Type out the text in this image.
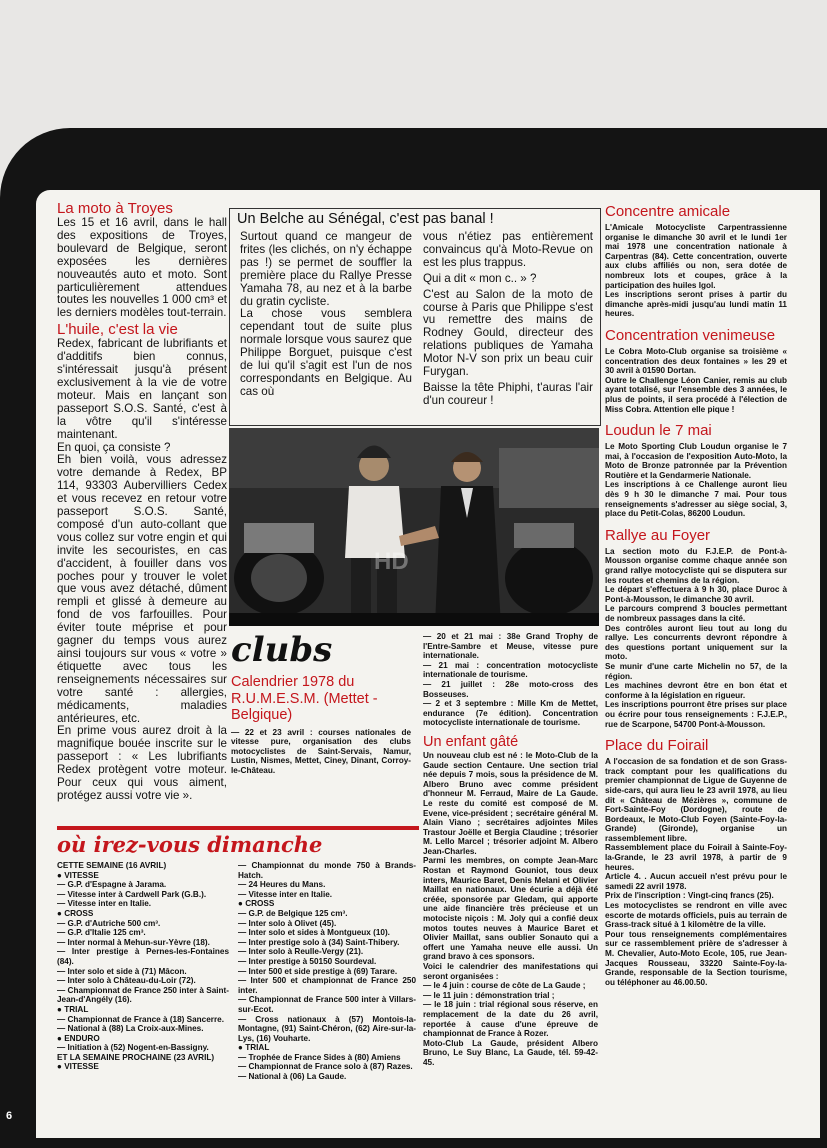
La moto à Troyes

Les 15 et 16 avril, dans le hall des expositions de Troyes, boulevard de Belgique, seront exposées les dernières nouveautés auto et moto. Sont particulièrement attendues toutes les nouvelles 1 000 cm³ et les derniers modèles tout-terrain.

L'huile, c'est la vie

Redex, fabricant de lubrifiants et d'additifs bien connus, s'intéressait jusqu'à présent exclusivement à la vie de votre moteur. Mais en lançant son passeport S.O.S. Santé, c'est à la vôtre qu'il s'intéresse maintenant.

En quoi, ça consiste ?

Eh bien voilà, vous adressez votre demande à Redex, BP 114, 93303 Aubervilliers Cedex et vous recevez en retour votre passeport S.O.S. Santé, composé d'un auto-collant que vous collez sur votre engin et qui invite les secouristes, en cas d'accident, à fouiller dans vos poches pour y trouver le volet que vous avez détaché, dûment rempli et glissé à demeure au fond de vos farfouilles. Pour éviter toute méprise et pour gagner du temps vous aurez ainsi toujours sur vous « votre » étiquette avec tous les renseignements nécessaires sur votre santé : allergies, médicaments, maladies antérieures, etc.

En prime vous aurez droit à la magnifique bouée inscrite sur le passeport : « Les lubrifiants Redex protègent votre moteur. Pour ceux qui vous aiment, protégez aussi votre vie ».

Un Belche au Sénégal, c'est pas banal !

Surtout quand ce mangeur de frites (les clichés, on n'y échappe pas !) se permet de souffler la première place du Rallye Presse Yamaha 78, au nez et à la barbe du gratin cycliste.

La chose vous semblera cependant tout de suite plus normale lorsque vous saurez que Philippe Borguet, puisque c'est de lui qu'il s'agit est l'un de nos correspondants en Belgique. Au cas où

vous n'étiez pas entièrement convaincus qu'à Moto-Revue on est les plus trappus.

Qui a dit « mon c.. » ?

C'est au Salon de la moto de course à Paris que Philippe s'est vu remettre des mains de Rodney Gould, directeur des relations publiques de Yamaha Motor N-V son prix un beau cuir Furygan.

Baisse la tête Phiphi, t'auras l'air d'un coureur !

HD
clubs
Calendrier 1978 du R.U.M.E.S.M. (Mettet - Belgique)

— 22 et 23 avril : courses nationales de vitesse pure, organisation des clubs motocyclistes de Saint-Servais, Namur, Lustin, Nismes, Mettet, Ciney, Dinant, Corroy-le-Château.

— 20 et 21 mai : 38e Grand Trophy de l'Entre-Sambre et Meuse, vitesse pure internationale.
— 21 mai : concentration motocycliste internationale de tourisme.
— 21 juillet : 28e moto-cross des Bosseuses.
— 2 et 3 septembre : Mille Km de Mettet, endurance (7e édition). Concentration motocycliste internationale de tourisme.

Un enfant gâté

Un nouveau club est né : le Moto-Club de la Gaude section Centaure. Une section trial née depuis 7 mois, sous la présidence de M. Albero Bruno avec comme président d'honneur M. Ferraud, Maire de La Gaude. Le reste du comité est composé de M. Evene, vice-président ; secrétaire général M. Alain Viano ; secrétaires adjointes Miles Trastour Joëlle et Bergia Claudine ; trésorier M. Lello Marcel ; trésorier adjoint M. Albero Jean-Charles.
Parmi les membres, on compte Jean-Marc Rostan et Raymond Gouniot, tous deux inters, Maurice Baret, Denis Melani et Olivier Maillat en nationaux. Une écurie a déjà été créée, sponsorée par Gledam, qui apporte une aide financière très précieuse et un motociste niçois : M. Joly qui a confié deux motos toutes neuves à Maurice Baret et Olivier Maillat, sans oublier Sonauto qui a offert une Yamaha neuve elle aussi. Un grand bravo à ces sponsors.
Voici le calendrier des manifestations qui seront organisées :
— le 4 juin : course de côte de La Gaude ;
— le 11 juin : démonstration trial ;
— le 18 juin : trial régional sous réserve, en remplacement de la date du 26 avril, reportée à cause d'une épreuve de championnat de France à Rozer.
Moto-Club La Gaude, président Albero Bruno, Le Suy Blanc, La Gaude, tél. 59-42-45.

où irez-vous dimanche

CETTE SEMAINE (16 AVRIL)
● VITESSE
— G.P. d'Espagne à Jarama.
— Vitesse inter à Cardwell Park (G.B.).
— Vitesse inter en Italie.
● CROSS
— G.P. d'Autriche 500 cm³.
— G.P. d'Italie 125 cm³.
— Inter normal à Mehun-sur-Yèvre (18).
— Inter prestige à Pernes-les-Fontaines (84).
— Inter solo et side à (71) Mâcon.
— Inter solo à Château-du-Loir (72).
— Championnat de France 250 inter à Saint-Jean-d'Angély (16).
● TRIAL
— Championnat de France à (18) Sancerre.
— National à (88) La Croix-aux-Mines.
● ENDURO
— Initiation à (52) Nogent-en-Bassigny.
ET LA SEMAINE PROCHAINE (23 AVRIL)
● VITESSE

— Championnat du monde 750 à Brands-Hatch.
— 24 Heures du Mans.
— Vitesse inter en Italie.
● CROSS
— G.P. de Belgique 125 cm³.
— Inter solo à Olivet (45).
— Inter solo et sides à Montgueux (10).
— Inter prestige solo à (34) Saint-Thibery.
— Inter solo à Reulle-Vergy (21).
— Inter prestige à 50150 Sourdeval.
— Inter 500 et side prestige à (69) Tarare.
— Inter 500 et championnat de France 250 inter.
— Championnat de France 500 inter à Villars-sur-Ecot.
— Cross nationaux à (57) Montois-la-Montagne, (91) Saint-Chéron, (62) Aire-sur-la-Lys, (16) Vouharte.
● TRIAL
— Trophée de France Sides à (80) Amiens
— Championnat de France solo à (87) Razes.
— National à (06) La Gaude.

Concentre amicale

L'Amicale Motocycliste Carpentrassienne organise le dimanche 30 avril et le lundi 1er mai 1978 une concentration nationale à Carpentras (84). Cette concentration, ouverte aux clubs affiliés ou non, sera dotée de nombreux lots et coupes, grâce à la participation des huiles Igol.
Les inscriptions seront prises à partir du dimanche après-midi jusqu'au lundi matin 11 heures.

Concentration venimeuse

Le Cobra Moto-Club organise sa troisième « concentration des deux fontaines » les 29 et 30 avril à 01590 Dortan.
Outre le Challenge Léon Canier, remis au club ayant totalisé, sur l'ensemble des 3 années, le plus de points, il sera procédé à l'élection de Miss Cobra. Attention elle pique !

Loudun le 7 mai

Le Moto Sporting Club Loudun organise le 7 mai, à l'occasion de l'exposition Auto-Moto, la Moto de Bronze patronnée par la Prévention Routière et la Gendarmerie Nationale.
Les inscriptions à ce Challenge auront lieu dès 9 h 30 le dimanche 7 mai. Pour tous renseignements s'adresser au siège social, 3, place du Petit-Colas, 86200 Loudun.

Rallye au Foyer

La section moto du F.J.E.P. de Pont-à-Mousson organise comme chaque année son grand rallye motocycliste qui se disputera sur les routes et chemins de la région.
Le départ s'effectuera à 9 h 30, place Duroc à Pont-à-Mousson, le dimanche 30 avril.
Le parcours comprend 3 boucles permettant de nombreux passages dans la cité.
Des contrôles auront lieu tout au long du rallye. Les concurrents devront répondre à des questions portant uniquement sur la moto.
Se munir d'une carte Michelin no 57, de la région.
Les machines devront être en bon état et conforme à la législation en rigueur.
Les inscriptions pourront être prises sur place ou écrire pour tous renseignements : F.J.E.P., rue de Scarpone, 54700 Pont-à-Mousson.

Place du Foirail

A l'occasion de sa fondation et de son Grass-track comptant pour les qualifications du premier championnat de Ligue de Guyenne de side-cars, qui aura lieu le 23 avril 1978, au lieu dit « Château de Mézières », commune de Fort-Sainte-Foy (Dordogne), route de Bordeaux, le Moto-Club Foyen (Sainte-Foy-la-Grande) (Gironde), organise un rassemblement libre.
Rassemblement place du Foirail à Sainte-Foy-la-Grande, le 23 avril 1978, à partir de 9 heures.
Article 4. . Aucun accueil n'est prévu pour le samedi 22 avril 1978.
Prix de l'inscription : Vingt-cinq francs (25).
Les motocyclistes se rendront en ville avec escorte de motards officiels, puis au terrain de Grass-track situé à 1 kilomètre de la ville.
Pour tous renseignements complémentaires sur ce rassemblement prière de s'adresser à M. Chevalier, Auto-Moto Ecole, 105, rue Jean-Jacques Rousseau, 33220 Sainte-Foy-la-Grande, responsable de la Section tourisme, ou téléphoner au 46.00.50.

6
